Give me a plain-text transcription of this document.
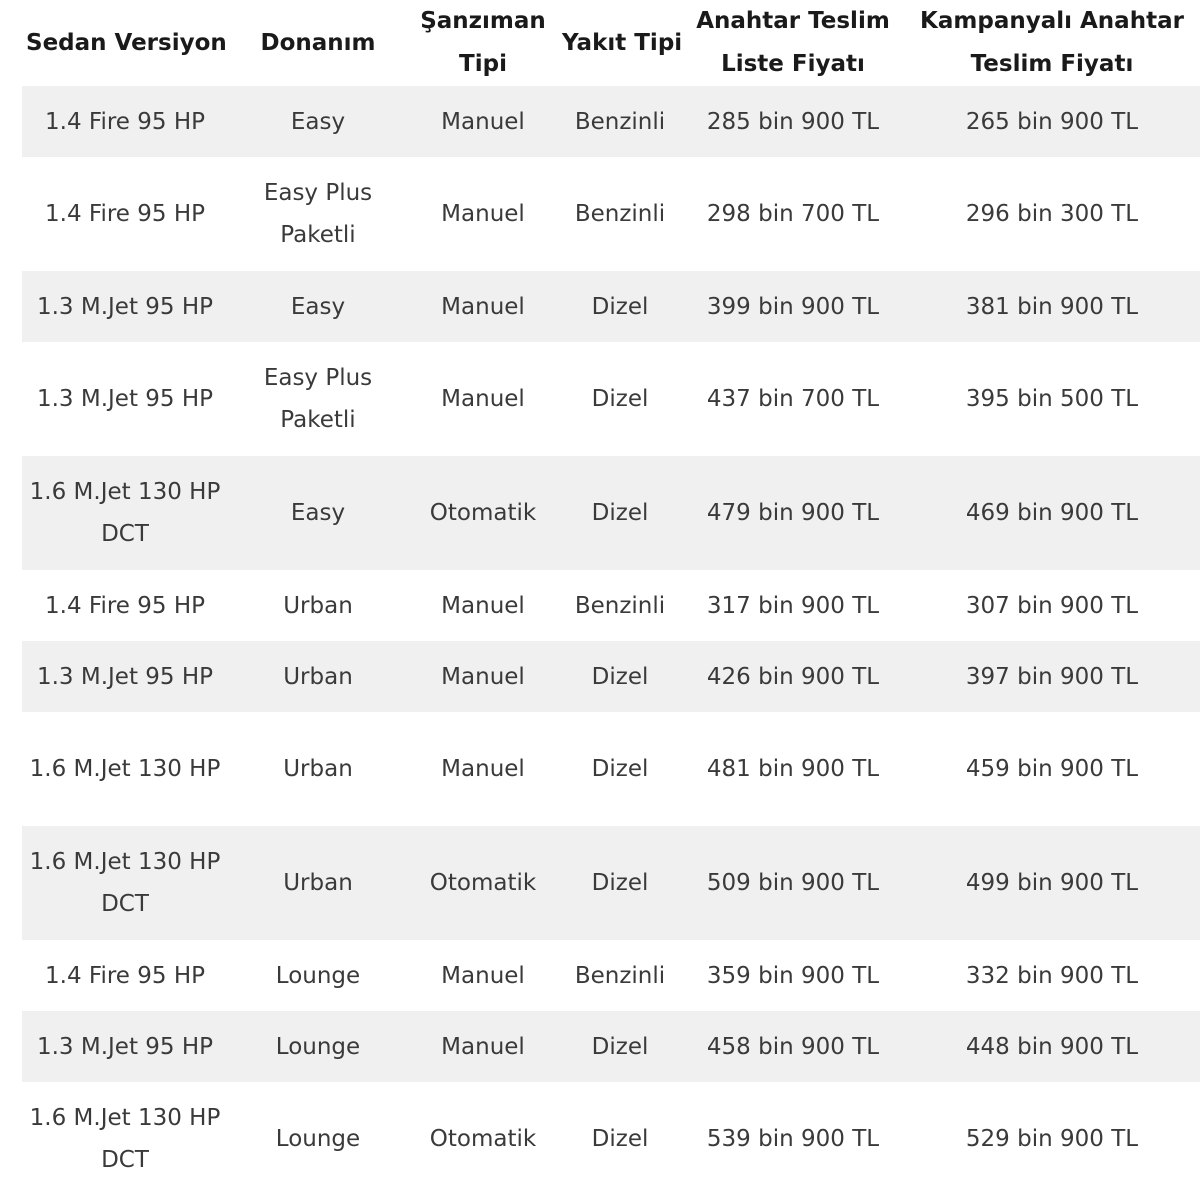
Sedan Versiyon	Donanım	Şanzıman Tipi	Yakıt Tipi	Anahtar Teslim Liste Fiyatı	Kampanyalı Anahtar Teslim Fiyatı
1.4 Fire 95 HP	Easy	Manuel	Benzinli	285 bin 900 TL	265 bin 900 TL
1.4 Fire 95 HP	Easy Plus Paketli	Manuel	Benzinli	298 bin 700 TL	296 bin 300 TL
1.3 M.Jet 95 HP	Easy	Manuel	Dizel	399 bin 900 TL	381 bin 900 TL
1.3 M.Jet 95 HP	Easy Plus Paketli	Manuel	Dizel	437 bin 700 TL	395 bin 500 TL
1.6 M.Jet 130 HP DCT	Easy	Otomatik	Dizel	479 bin 900 TL	469 bin 900 TL
1.4 Fire 95 HP	Urban	Manuel	Benzinli	317 bin 900 TL	307 bin 900 TL
1.3 M.Jet 95 HP	Urban	Manuel	Dizel	426 bin 900 TL	397 bin 900 TL
1.6 M.Jet 130 HP	Urban	Manuel	Dizel	481 bin 900 TL	459 bin 900 TL
1.6 M.Jet 130 HP DCT	Urban	Otomatik	Dizel	509 bin 900 TL	499 bin 900 TL
1.4 Fire 95 HP	Lounge	Manuel	Benzinli	359 bin 900 TL	332 bin 900 TL
1.3 M.Jet 95 HP	Lounge	Manuel	Dizel	458 bin 900 TL	448 bin 900 TL
1.6 M.Jet 130 HP DCT	Lounge	Otomatik	Dizel	539 bin 900 TL	529 bin 900 TL
